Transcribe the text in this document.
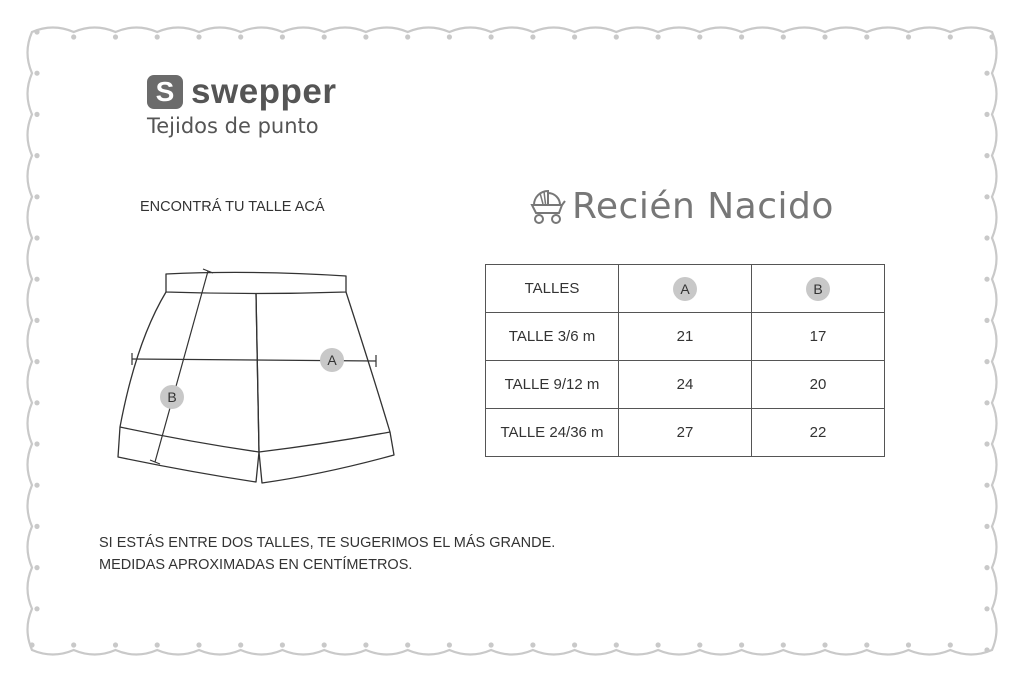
S swepper
Tejidos de punto
ENCONTRÁ TU TALLE ACÁ	Recién Nacido
A
B
TALLES	A	B
TALLE 3/6 m	21	17
TALLE 9/12 m	24	20
TALLE 24/36 m	27	22
SI ESTÁS ENTRE DOS TALLES, TE SUGERIMOS EL MÁS GRANDE.
MEDIDAS APROXIMADAS EN CENTÍMETROS.
